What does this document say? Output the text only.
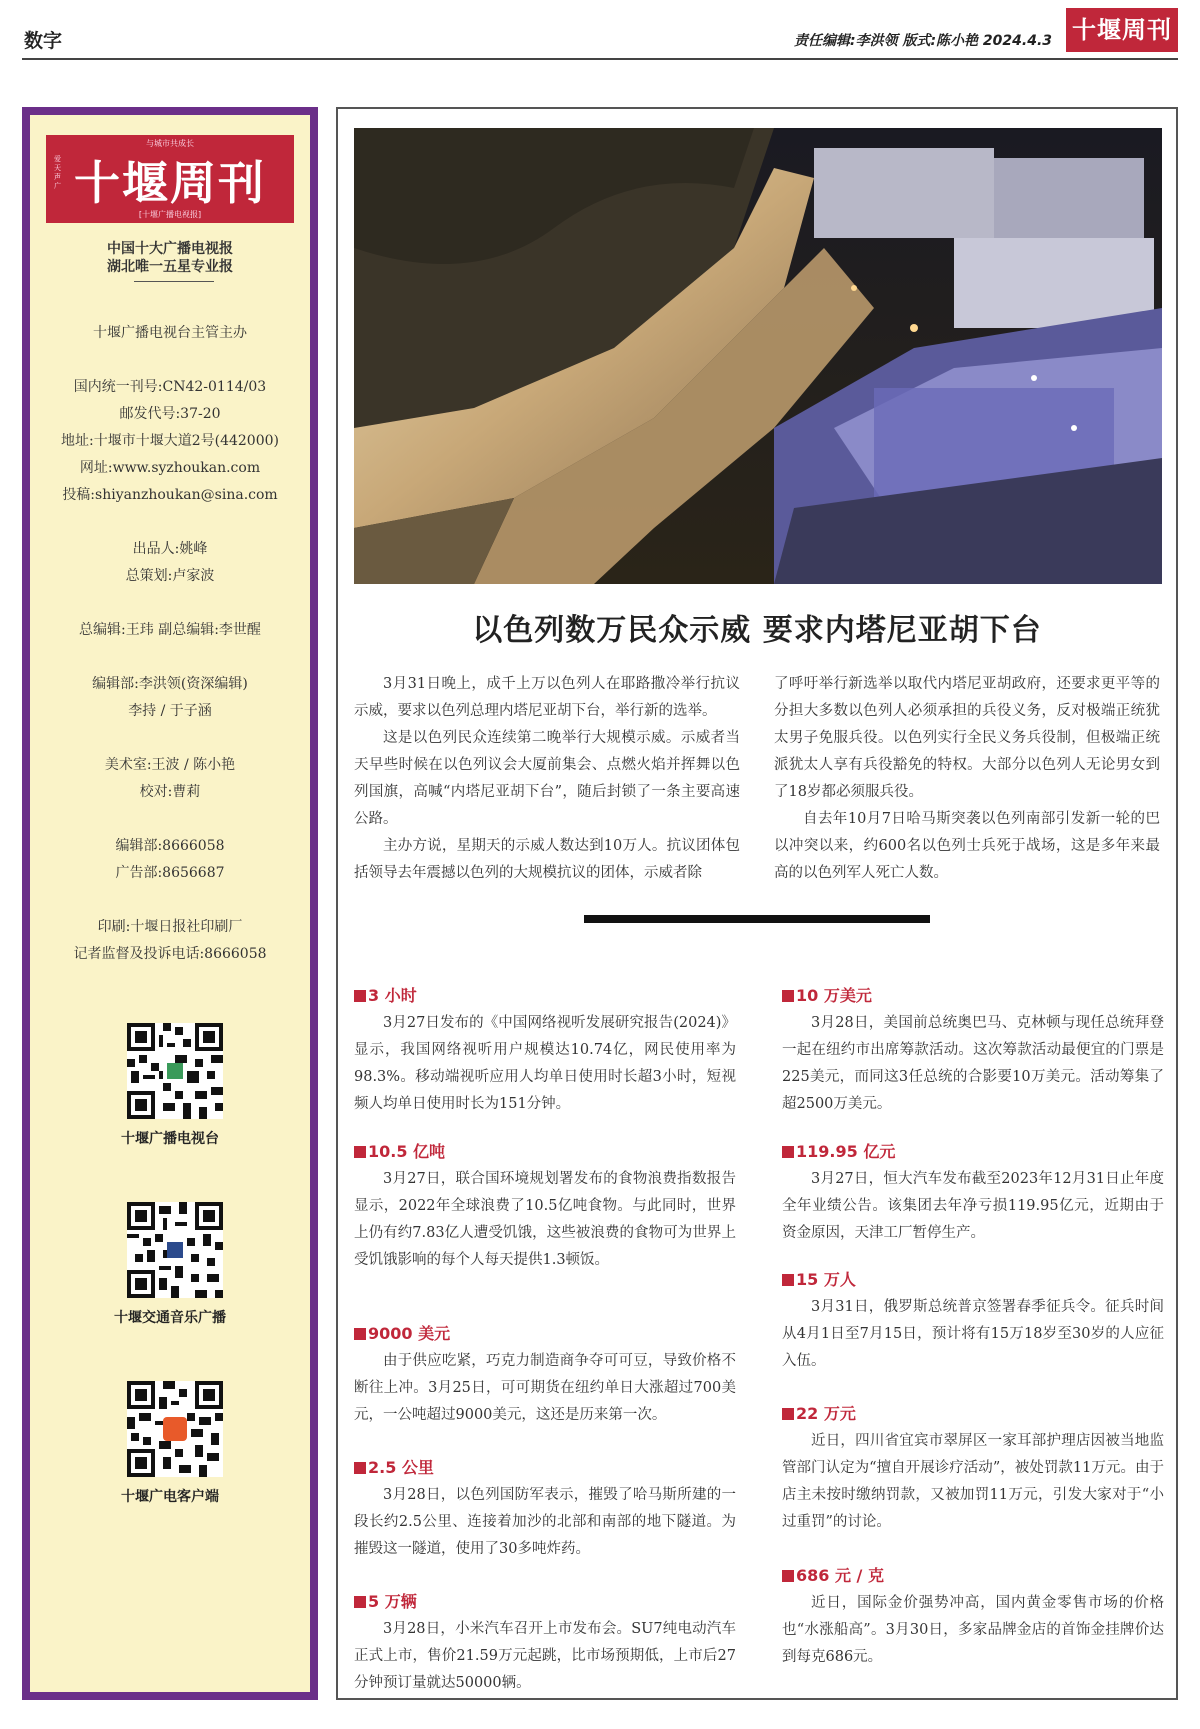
数字	责任编辑:李洪领 版式:陈小艳 2024.4.3 十堰周刊
与城市共成长
爱天声广 十堰周刊
[十堰广播电视报]
中国十大广播电视报
湖北唯一五星专业报
十堰广播电视台主管主办
国内统一刊号:CN42-0114/03
邮发代号:37-20
地址:十堰市十堰大道2号(442000)
网址:www.syzhoukan.com
投稿:shiyanzhoukan@sina.com
出品人:姚峰
总策划:卢家波
总编辑:王玮 副总编辑:李世醒
编辑部:李洪领(资深编辑)
李持 / 于子涵
美术室:王波 / 陈小艳
校对:曹莉
编辑部:8666058
广告部:8656687
印刷:十堰日报社印刷厂
记者监督及投诉电话:8666058
十堰广播电视台
十堰交通音乐广播
十堰广电客户端
以色列数万民众示威 要求内塔尼亚胡下台

3月31日晚上，成千上万以色列人在耶路撒冷举行抗议示威，要求以色列总理内塔尼亚胡下台，举行新的选举。

这是以色列民众连续第二晚举行大规模示威。示威者当天早些时候在以色列议会大厦前集会、点燃火焰并挥舞以色列国旗，高喊“内塔尼亚胡下台”，随后封锁了一条主要高速公路。

主办方说，星期天的示威人数达到10万人。抗议团体包括领导去年震撼以色列的大规模抗议的团体，示威者除

了呼吁举行新选举以取代内塔尼亚胡政府，还要求更平等的分担大多数以色列人必须承担的兵役义务，反对极端正统犹太男子免服兵役。以色列实行全民义务兵役制，但极端正统派犹太人享有兵役豁免的特权。大部分以色列人无论男女到了18岁都必须服兵役。

自去年10月7日哈马斯突袭以色列南部引发新一轮的巴以冲突以来，约600名以色列士兵死于战场，这是多年来最高的以色列军人死亡人数。

3 小时

3月27日发布的《中国网络视听发展研究报告(2024)》显示，我国网络视听用户规模达10.74亿，网民使用率为98.3%。移动端视听应用人均单日使用时长超3小时，短视频人均单日使用时长为151分钟。

10.5 亿吨

3月27日，联合国环境规划署发布的食物浪费指数报告显示，2022年全球浪费了10.5亿吨食物。与此同时，世界上仍有约7.83亿人遭受饥饿，这些被浪费的食物可为世界上受饥饿影响的每个人每天提供1.3顿饭。

9000 美元

由于供应吃紧，巧克力制造商争夺可可豆，导致价格不断往上冲。3月25日，可可期货在纽约单日大涨超过700美元，一公吨超过9000美元，这还是历来第一次。

2.5 公里

3月28日，以色列国防军表示，摧毁了哈马斯所建的一段长约2.5公里、连接着加沙的北部和南部的地下隧道。为摧毁这一隧道，使用了30多吨炸药。

5 万辆

3月28日，小米汽车召开上市发布会。SU7纯电动汽车正式上市，售价21.59万元起跳，比市场预期低，上市后27分钟预订量就达50000辆。

10 万美元

3月28日，美国前总统奥巴马、克林顿与现任总统拜登一起在纽约市出席筹款活动。这次筹款活动最便宜的门票是225美元，而同这3任总统的合影要10万美元。活动筹集了超2500万美元。

119.95 亿元

3月27日，恒大汽车发布截至2023年12月31日止年度全年业绩公告。该集团去年净亏损119.95亿元，近期由于资金原因，天津工厂暂停生产。

15 万人

3月31日，俄罗斯总统普京签署春季征兵令。征兵时间从4月1日至7月15日，预计将有15万18岁至30岁的人应征入伍。

22 万元

近日，四川省宜宾市翠屏区一家耳部护理店因被当地监管部门认定为“擅自开展诊疗活动”，被处罚款11万元。由于店主未按时缴纳罚款，又被加罚11万元，引发大家对于“小过重罚”的讨论。

686 元 / 克

近日，国际金价强势冲高，国内黄金零售市场的价格也“水涨船高”。3月30日，多家品牌金店的首饰金挂牌价达到每克686元。
